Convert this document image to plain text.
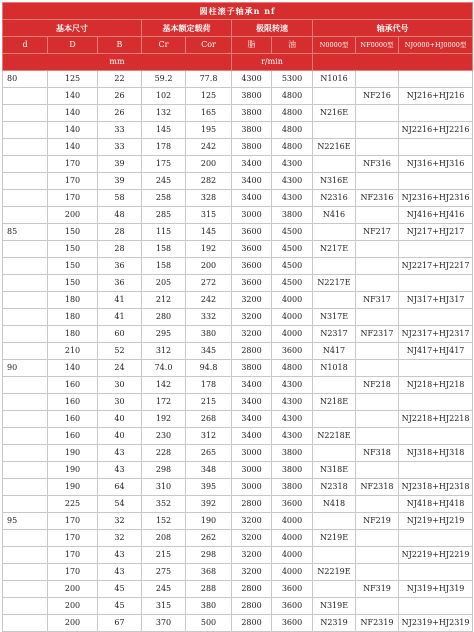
圆柱滚子轴承n nf									
基本尺寸			基本额定载荷		极限转速		轴承代号		
d	D	B	Cr	Cor	脂	油	N0000型	NF0000型	NJ0000+HJ0000型
mm					r/min				
80	125	22	59.2	77.8	4300	5300	N1016		
	140	26	102	125	3800	4800		NF216	NJ216+HJ216
	140	26	132	165	3800	4800	N216E		
	140	33	145	195	3800	4800			NJ2216+HJ2216
	140	33	178	242	3800	4800	N2216E		
	170	39	175	200	3400	4300		NF316	NJ316+HJ316
	170	39	245	282	3400	4300	N316E		
	170	58	258	328	3400	4300	N2316	NF2316	NJ2316+HJ2316
	200	48	285	315	3000	3800	N416		NJ416+HJ416
85	150	28	115	145	3600	4500		NF217	NJ217+HJ217
	150	28	158	192	3600	4500	N217E		
	150	36	158	200	3600	4500			NJ2217+HJ2217
	150	36	205	272	3600	4500	N2217E		
	180	41	212	242	3200	4000		NF317	NJ317+HJ317
	180	41	280	332	3200	4000	N317E		
	180	60	295	380	3200	4000	N2317	NF2317	NJ2317+HJ2317
	210	52	312	345	2800	3600	N417		NJ417+HJ417
90	140	24	74.0	94.8	3800	4800	N1018		
	160	30	142	178	3400	4300		NF218	NJ218+HJ218
	160	30	172	215	3400	4300	N218E		
	160	40	192	268	3400	4300			NJ2218+HJ2218
	160	40	230	312	3400	4300	N2218E		
	190	43	228	265	3000	3800		NF318	NJ318+HJ318
	190	43	298	348	3000	3800	N318E		
	190	64	310	395	3000	3800	N2318	NF2318	NJ2318+HJ2318
	225	54	352	392	2800	3600	N418		NJ418+HJ418
95	170	32	152	190	3200	4000		NF219	NJ219+HJ219
	170	32	208	262	3200	4000	N219E		
	170	43	215	298	3200	4000			NJ2219+HJ2219
	170	43	275	368	3200	4000	N2219E		
	200	45	245	288	2800	3600		NF319	NJ319+HJ319
	200	45	315	380	2800	3600	N319E		
	200	67	370	500	2800	3600	N2319	NF2319	NJ2319+HJ2319
